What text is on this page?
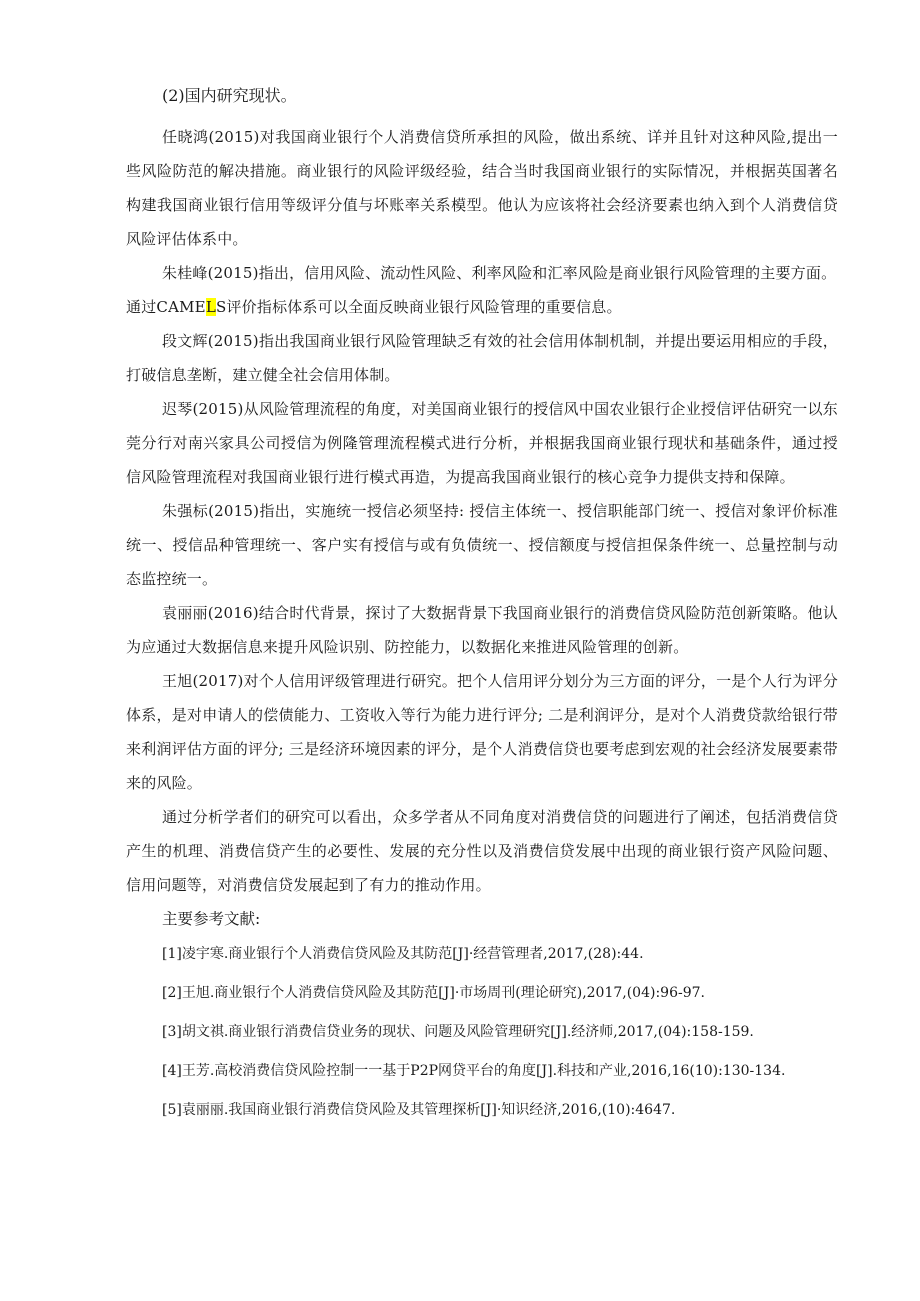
(2)国内研究现状。

任晓鸿(2015)对我国商业银行个人消费信贷所承担的风险，做出系统、详并且针对这种风险,提出一些风险防范的解决措施。商业银行的风险评级经验，结合当时我国商业银行的实际情况，并根据英国著名构建我国商业银行信用等级评分值与坏账率关系模型。他认为应该将社会经济要素也纳入到个人消费信贷风险评估体系中。

朱桂峰(2015)指出，信用风险、流动性风险、利率风险和汇率风险是商业银行风险管理的主要方面。
通过CAMELS评价指标体系可以全面反映商业银行风险管理的重要信息。

段文辉(2015)指出我国商业银行风险管理缺乏有效的社会信用体制机制，并提出要运用相应的手段，打破信息垄断，建立健全社会信用体制。

迟琴(2015)从风险管理流程的角度，对美国商业银行的授信风中国农业银行企业授信评估研究一以东莞分行对南兴家具公司授信为例隆管理流程模式进行分析，并根据我国商业银行现状和基础条件，通过授信风险管理流程对我国商业银行进行模式再造，为提高我国商业银行的核心竞争力提供支持和保障。

朱强标(2015)指出，实施统一授信必须坚持: 授信主体统一、授信职能部门统一、授信对象评价标准统一、授信品种管理统一、客户实有授信与或有负债统一、授信额度与授信担保条件统一、总量控制与动态监控统一。

袁丽丽(2016)结合时代背景，探讨了大数据背景下我国商业银行的消费信贷风险防范创新策略。他认为应通过大数据信息来提升风险识别、防控能力，以数据化来推进风险管理的创新。

王旭(2017)对个人信用评级管理进行研究。把个人信用评分划分为三方面的评分，一是个人行为评分体系，是对申请人的偿债能力、工资收入等行为能力进行评分; 二是利润评分，是对个人消费贷款给银行带来利润评估方面的评分; 三是经济环境因素的评分，是个人消费信贷也要考虑到宏观的社会经济发展要素带来的风险。

通过分析学者们的研究可以看出，众多学者从不同角度对消费信贷的问题进行了阐述，包括消费信贷产生的机理、消费信贷产生的必要性、发展的充分性以及消费信贷发展中出现的商业银行资产风险问题、信用问题等，对消费信贷发展起到了有力的推动作用。

主要参考文献:
[1]凌宇寒.商业银行个人消费信贷风险及其防范[J]·经营管理者,2017,(28):44.
[2]王旭.商业银行个人消费信贷风险及其防范[J]·市场周刊(理论研究),2017,(04):96-97.
[3]胡文祺.商业银行消费信贷业务的现状、问题及风险管理研究[J].经济师,2017,(04):158-159.
[4]王芳.高校消费信贷风险控制一一基于P2P网贷平台的角度[J].科技和产业,2016,16(10):130-134.
[5]袁丽丽.我国商业银行消费信贷风险及其管理探析[J]·知识经济,2016,(10):4647.
